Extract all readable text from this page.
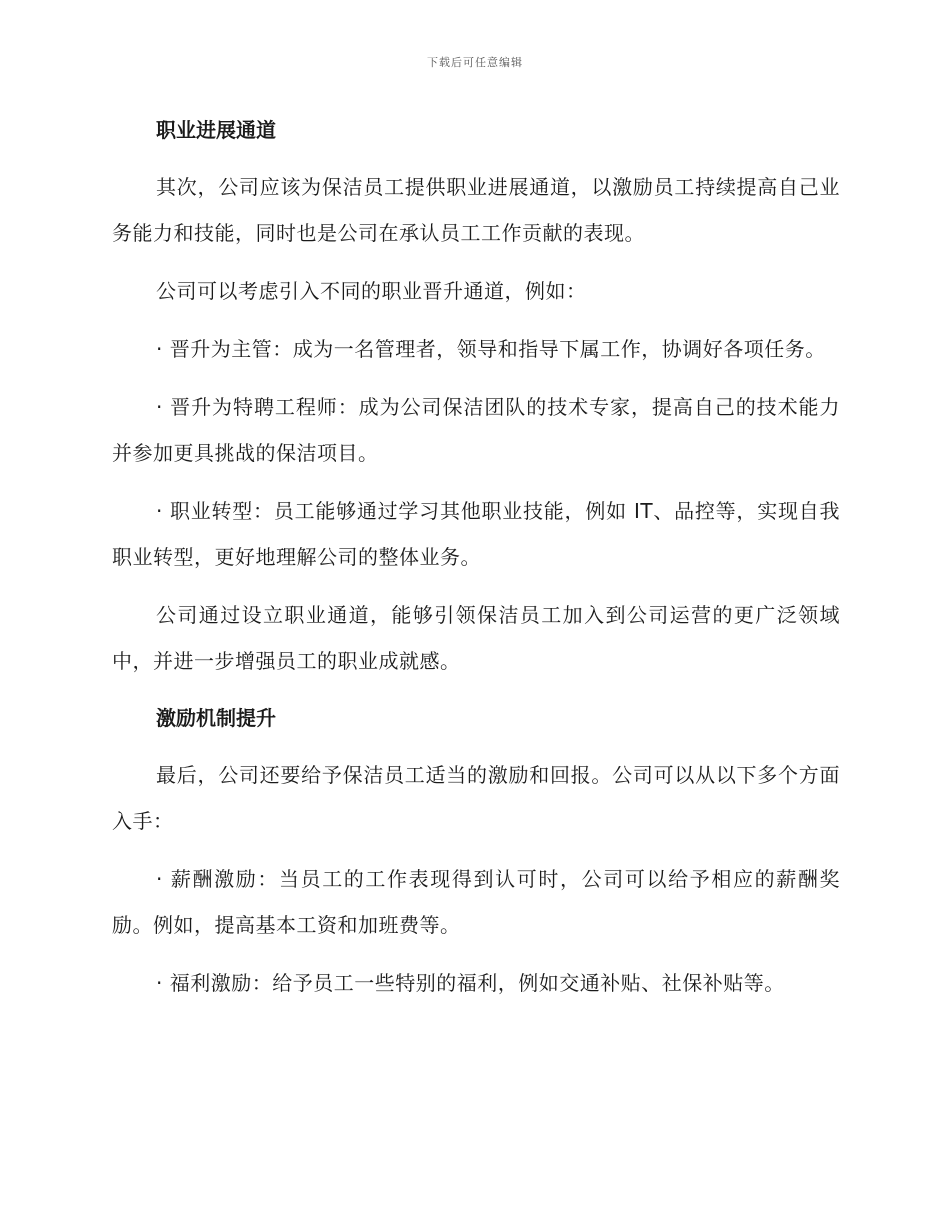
下载后可任意编辑
职业进展通道

其次，公司应该为保洁员工提供职业进展通道，以激励员工持续提高自己业务能力和技能，同时也是公司在承认员工工作贡献的表现。

公司可以考虑引入不同的职业晋升通道，例如：

· 晋升为主管：成为一名管理者，领导和指导下属工作，协调好各项任务。

· 晋升为特聘工程师：成为公司保洁团队的技术专家，提高自己的技术能力并参加更具挑战的保洁项目。

· 职业转型：员工能够通过学习其他职业技能，例如 IT、品控等，实现自我职业转型，更好地理解公司的整体业务。

公司通过设立职业通道，能够引领保洁员工加入到公司运营的更广泛领域中，并进一步增强员工的职业成就感。

激励机制提升

最后，公司还要给予保洁员工适当的激励和回报。公司可以从以下多个方面入手：

· 薪酬激励：当员工的工作表现得到认可时，公司可以给予相应的薪酬奖励。例如，提高基本工资和加班费等。

· 福利激励：给予员工一些特别的福利，例如交通补贴、社保补贴等。
